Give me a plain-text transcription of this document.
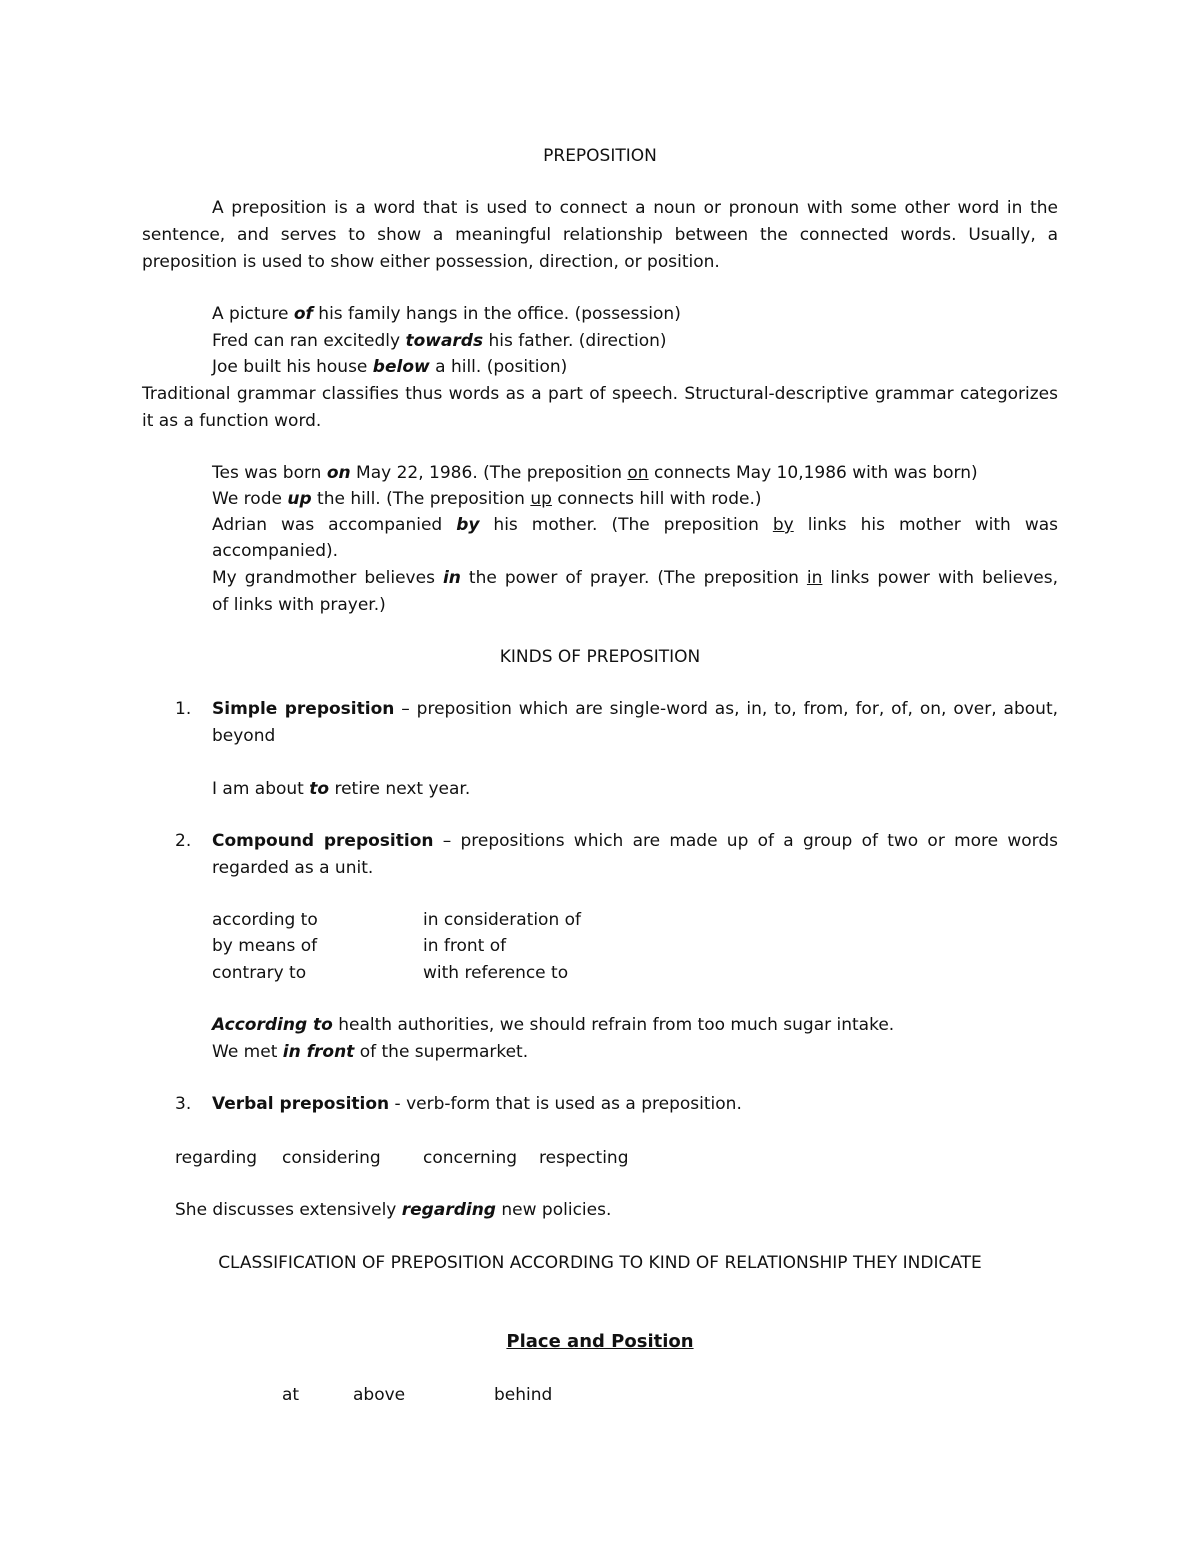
PREPOSITION

A preposition is a word that is used to connect a noun or pronoun with some other word in the

sentence, and serves to show a meaningful relationship between the connected words. Usually, a

preposition is used to show either possession, direction, or position.

A picture of his family hangs in the office. (possession)

Fred can ran excitedly towards his father. (direction)

Joe built his house below a hill. (position)

Traditional grammar classifies thus words as a part of speech. Structural-descriptive grammar categorizes

it as a function word.

Tes was born on May 22, 1986. (The preposition on connects May 10,1986 with was born)

We rode up the hill. (The preposition up connects hill with rode.)

Adrian was accompanied by his mother. (The preposition by links his mother with was

accompanied).

My grandmother believes in the power of prayer. (The preposition in links power with believes,

of links with prayer.)

KINDS OF PREPOSITION

1. Simple preposition – preposition which are single-word as, in, to, from, for, of, on, over, about,

beyond

I am about to retire next year.

2. Compound preposition – prepositions which are made up of a group of two or more words

regarded as a unit.

according to
by means of
contrary to
in consideration of
in front of
with reference to

According to health authorities, we should refrain from too much sugar intake.

We met in front of the supermarket.

3. Verbal preposition - verb-form that is used as a preposition.

regarding considering concerning respecting

She discusses extensively regarding new policies.

CLASSIFICATION OF PREPOSITION ACCORDING TO KIND OF RELATIONSHIP THEY INDICATE

Place and Position

at	above	behind
